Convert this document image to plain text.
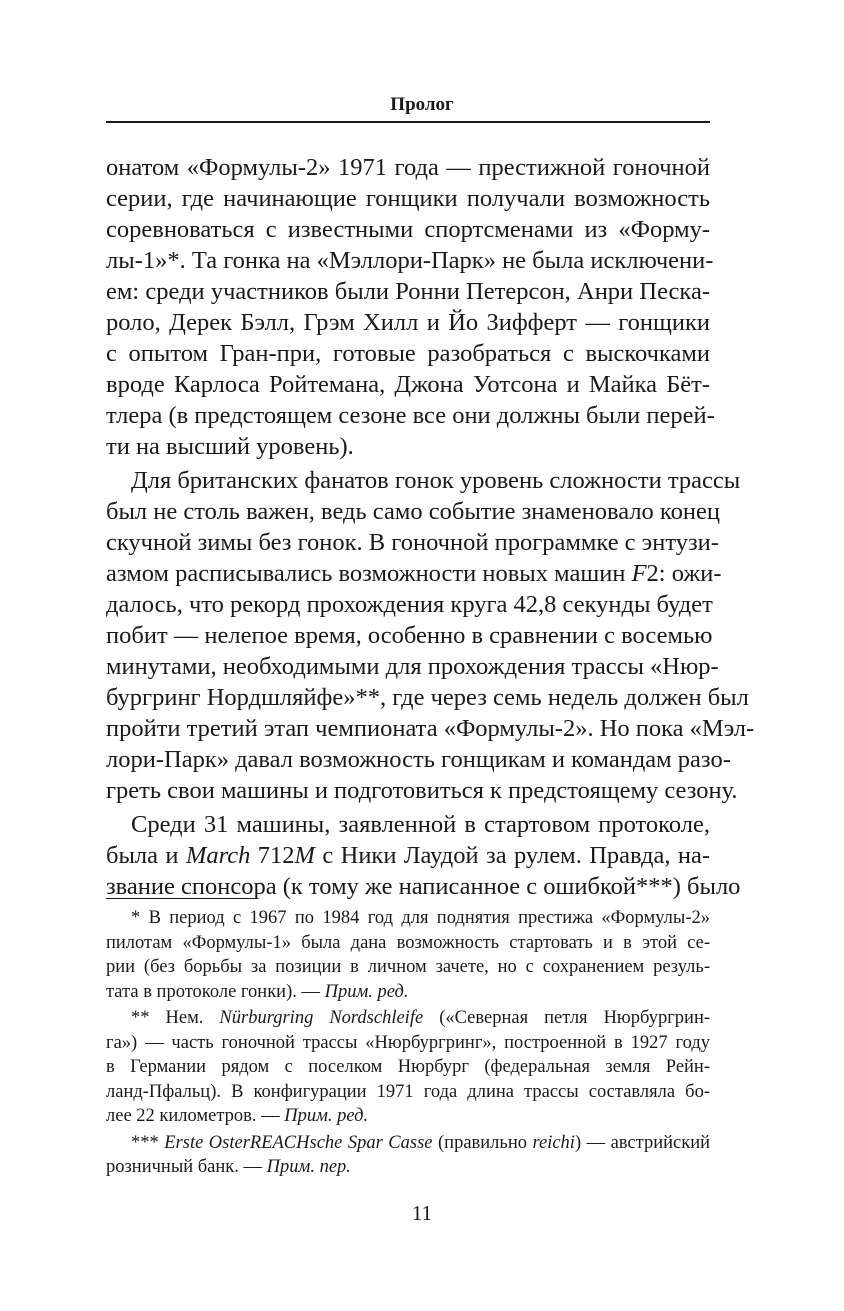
Пролог
онатом «Формулы-2» 1971 года — престижной гоночной
серии, где начинающие гонщики получали возможность
соревноваться с известными спортсменами из «Форму-
лы-1»*. Та гонка на «Мэллори-Парк» не была исключени-
ем: среди участников были Ронни Петерсон, Анри Песка-
роло, Дерек Бэлл, Грэм Хилл и Йо Зифферт — гонщики
с опытом Гран-при, готовые разобраться с выскочками
вроде Карлоса Ройтемана, Джона Уотсона и Майка Бёт-
тлера (в предстоящем сезоне все они должны были перей-
ти на высший уровень).
Для британских фанатов гонок уровень сложности трассы
был не столь важен, ведь само событие знаменовало конец
скучной зимы без гонок. В гоночной программке с энтузи-
азмом расписывались возможности новых машин F2: ожи-
далось, что рекорд прохождения круга 42,8 секунды будет
побит — нелепое время, особенно в сравнении с восемью
минутами, необходимыми для прохождения трассы «Нюр-
бургринг Нордшляйфе»**, где через семь недель должен был
пройти третий этап чемпионата «Формулы-2». Но пока «Мэл-
лори-Парк» давал возможность гонщикам и командам разо-
греть свои машины и подготовиться к предстоящему сезону.
Среди 31 машины, заявленной в стартовом протоколе,
была и March 712M с Ники Лаудой за рулем. Правда, на-
звание спонсора (к тому же написанное с ошибкой***) было
* В период с 1967 по 1984 год для поднятия престижа «Формулы-2»
пилотам «Формулы-1» была дана возможность стартовать и в этой се-
рии (без борьбы за позиции в личном зачете, но с сохранением резуль-
тата в протоколе гонки). — Прим. ред.
** Нем. Nürburgring Nordschleife («Северная петля Нюрбургрин-
га») — часть гоночной трассы «Нюрбургринг», построенной в 1927 году
в Германии рядом с поселком Нюрбург (федеральная земля Рейн-
ланд-Пфальц). В конфигурации 1971 года длина трассы составляла бо-
лее 22 километров. — Прим. ред.
*** Erste OsterREACHsche Spar Casse (правильно reichi) — австрийский
розничный банк. — Прим. пер.
11
